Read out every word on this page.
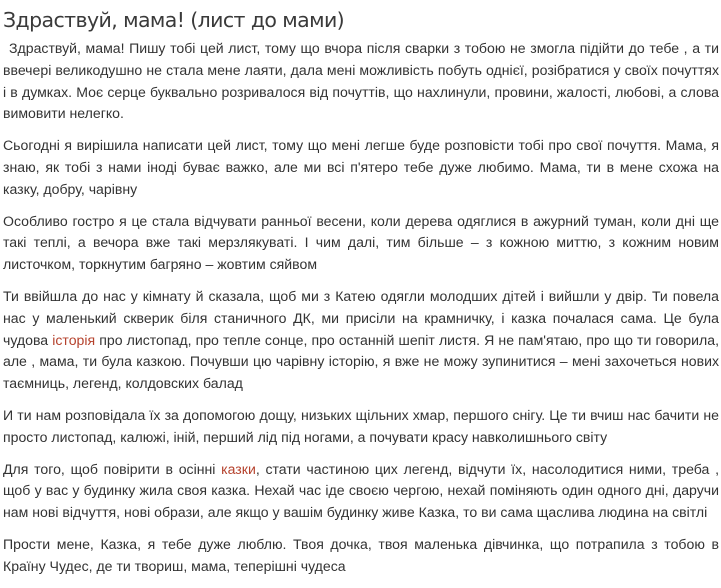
Здраствуй, мама! (лист до мами)

Здраствуй, мама! Пишу тобі цей лист, тому що вчора після сварки з тобою не змогла підійти до тебе , а ти ввечері великодушно не стала мене лаяти, дала мені можливість побуть однієї, розібратися у своїх почуттях і в думках. Моє серце буквально розривалося від почуттів, що нахлинули, провини, жалості, любові, а слова вимовити нелегко.

Сьогодні я вирішила написати цей лист, тому що мені легше буде розповісти тобі про свої почуття. Мама, я знаю, як тобі з нами іноді буває важко, але ми всі п'ятеро тебе дуже любимо. Мама, ти в мене схожа на казку, добру, чарівну

Особливо гостро я це стала відчувати ранньої весени, коли дерева одяглися в ажурний туман, коли дні ще такі теплі, а вечора вже такі мерзлякуваті. І чим далі, тим більше – з кожною миттю, з кожним новим листочком, торкнутим багряно – жовтим сяйвом

Ти ввійшла до нас у кімнату й сказала, щоб ми з Катею одягли молодших дітей і вийшли у двір. Ти повела нас у маленький скверик біля станичного ДК, ми присіли на крамничку, і казка почалася сама. Це була чудова історія про листопад, про тепле сонце, про останній шепіт листя. Я не пам'ятаю, про що ти говорила, але , мама, ти була казкою. Почувши цю чарівну історію, я вже не можу зупинитися – мені захочеться нових таємниць, легенд, колдовских балад

И ти нам розповідала їх за допомогою дощу, низьких щільних хмар, першого снігу. Це ти вчиш нас бачити не просто листопад, калюжі, іній, перший лід під ногами, а почувати красу навколишнього світу

Для того, щоб повірити в осінні казки, стати частиною цих легенд, відчути їх, насолодитися ними, треба , щоб у вас у будинку жила своя казка. Нехай час іде своєю чергою, нехай поміняють один одного дні, даручи нам нові відчуття, нові образи, але якщо у вашім будинку живе Казка, то ви сама щаслива людина на світлі

Прости мене, Казка, я тебе дуже люблю. Твоя дочка, твоя маленька дівчинка, що потрапила з тобою в Країну Чудес, де ти твориш, мама, теперішні чудеса
